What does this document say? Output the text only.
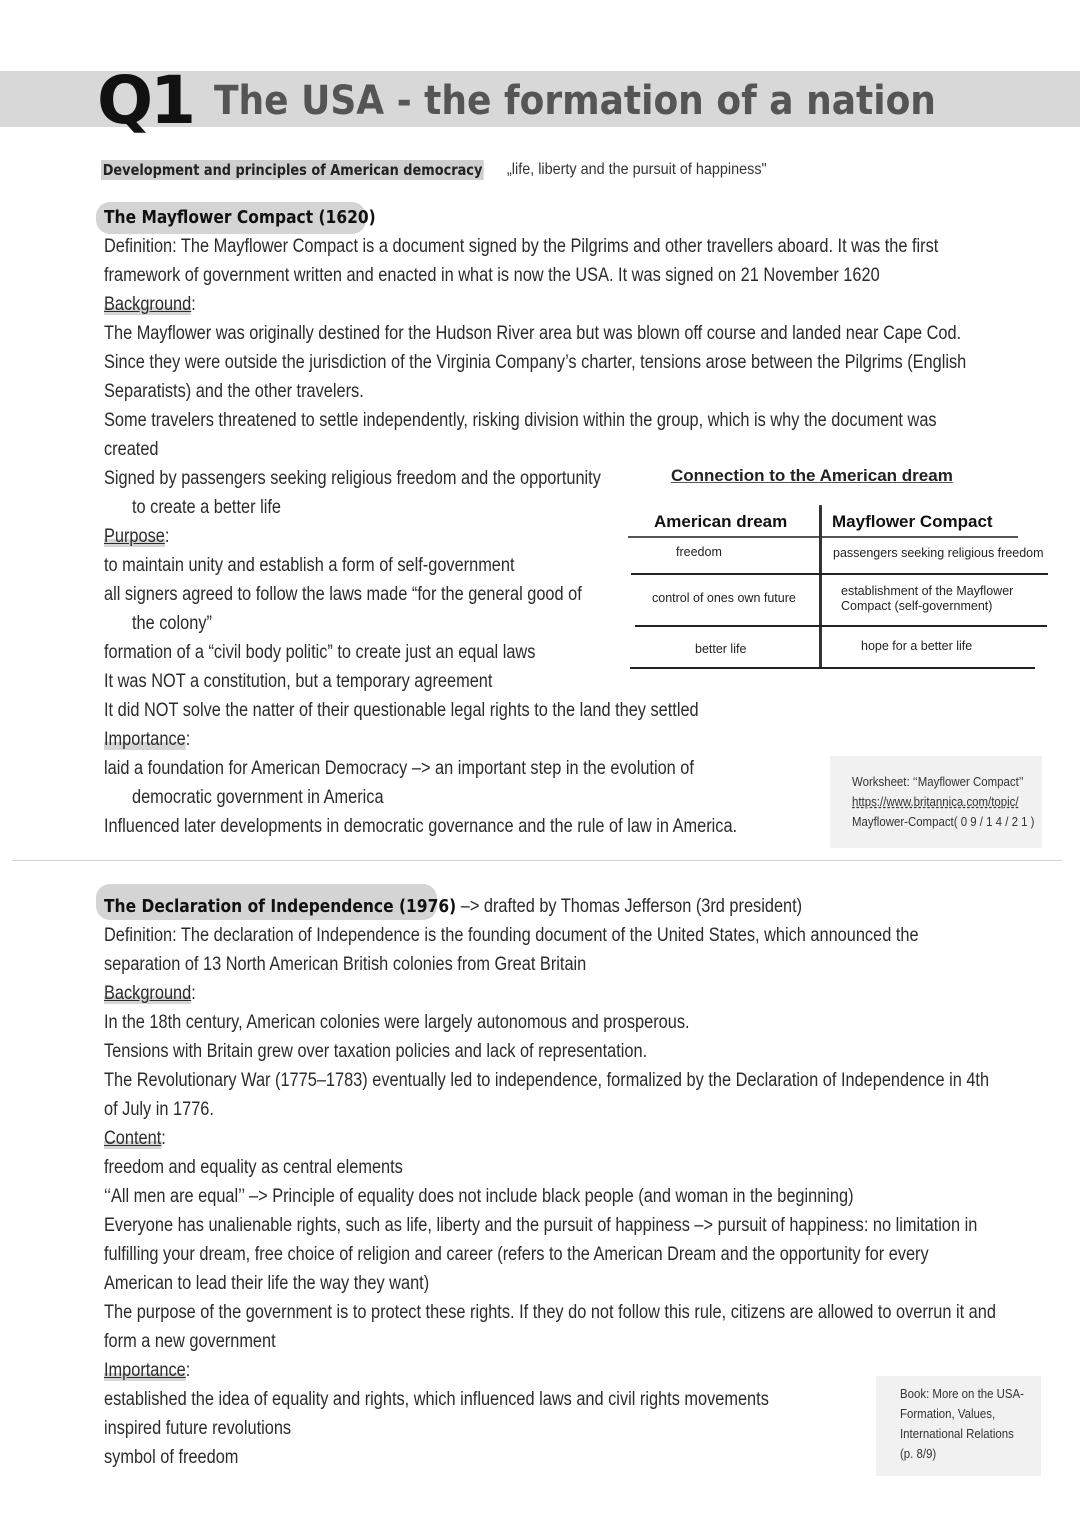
Q1 The USA - the formation of a nation
Development and principles of American democracy „life, liberty and the pursuit of happiness"
The Mayflower Compact (1620)
Definition: The Mayflower Compact is a document signed by the Pilgrims and other travellers aboard. It was the first
framework of government written and enacted in what is now the USA. It was signed on 21 November 1620
Background:
The Mayflower was originally destined for the Hudson River area but was blown off course and landed near Cape Cod.
Since they were outside the jurisdiction of the Virginia Company’s charter, tensions arose between the Pilgrims (English
Separatists) and the other travelers.
Some travelers threatened to settle independently, risking division within the group, which is why the document was
created
Signed by passengers seeking religious freedom and the opportunity
to create a better life
Purpose:
to maintain unity and establish a form of self-government
all signers agreed to follow the laws made “for the general good of
the colony”
formation of a “civil body politic” to create just an equal laws
It was NOT a constitution, but a temporary agreement
It did NOT solve the natter of their questionable legal rights to the land they settled
Importance:
laid a foundation for American Democracy –> an important step in the evolution of
democratic government in America
Influenced later developments in democratic governance and the rule of law in America.
Connection to the American dream
American dream	Mayflower Compact
freedom	passengers seeking religious freedom
control of ones own future	establishment of the Mayflower Compact (self-government)
better life	hope for a better life
Worksheet: ‘‘Mayflower Compact’’
https://www.britannica.com/topic/
Mayflower-Compact( 0 9 / 1 4 / 2 1 )
The Declaration of Independence (1976) –> drafted by Thomas Jefferson (3rd president)
Definition: The declaration of Independence is the founding document of the United States, which announced the
separation of 13 North American British colonies from Great Britain
Background:
In the 18th century, American colonies were largely autonomous and prosperous.
Tensions with Britain grew over taxation policies and lack of representation.
The Revolutionary War (1775–1783) eventually led to independence, formalized by the Declaration of Independence in 4th
of July in 1776.
Content:
freedom and equality as central elements
‘‘All men are equal’’ –> Principle of equality does not include black people (and woman in the beginning)
Everyone has unalienable rights, such as life, liberty and the pursuit of happiness –> pursuit of happiness: no limitation in
fulfilling your dream, free choice of religion and career (refers to the American Dream and the opportunity for every
American to lead their life the way they want)
The purpose of the government is to protect these rights. If they do not follow this rule, citizens are allowed to overrun it and
form a new government
Importance:
established the idea of equality and rights, which influenced laws and civil rights movements
inspired future revolutions
symbol of freedom
Book: More on the USA-
Formation, Values,
International Relations
(p. 8/9)
